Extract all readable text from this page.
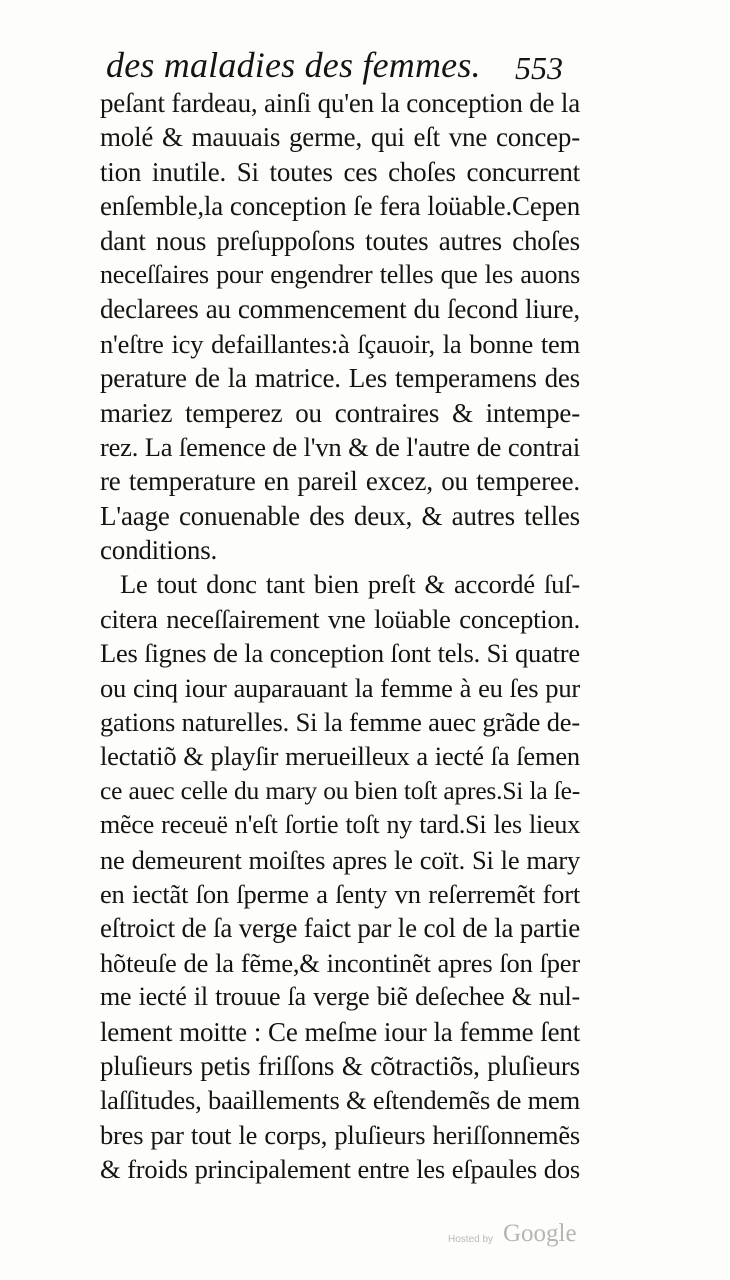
des maladies des femmes. 553
peſant fardeau, ainſi qu'en la conception de la
molé & mauuais germe, qui eſt vne concep-
tion inutile. Si toutes ces choſes concurrent
enſemble,la conception ſe fera loüable.Cepen
dant nous preſuppoſons toutes autres choſes
neceſſaires pour engendrer telles que les auons
declarees au commencement du ſecond liure,
n'eſtre icy defaillantes:à ſçauoir, la bonne tem
perature de la matrice. Les temperamens des
mariez temperez ou contraires & intempe-
rez. La ſemence de l'vn & de l'autre de contrai
re temperature en pareil excez, ou temperee.
L'aage conuenable des deux, & autres telles
conditions.
Le tout donc tant bien preſt & accordé ſuſ-
citera neceſſairement vne loüable conception.
Les ſignes de la conception ſont tels. Si quatre
ou cinq iour auparauant la femme à eu ſes pur
gations naturelles. Si la femme auec grãde de-
lectatiõ & playſir merueilleux a iecté ſa ſemen
ce auec celle du mary ou bien toſt apres.Si la ſe-
mẽce receuë n'eſt ſortie toſt ny tard.Si les lieux
ne demeurent moiſtes apres le coït. Si le mary
en iectãt ſon ſperme a ſenty vn reſerremẽt fort
eſtroict de ſa verge faict par le col de la partie
hõteuſe de la fẽme,& incontinẽt apres ſon ſper
me iecté il trouue ſa verge biẽ deſechee & nul-
lement moitte : Ce meſme iour la femme ſent
pluſieurs petis friſſons & cõtractiõs, pluſieurs
laſſitudes, baaillements & eſtendemẽs de mem
bres par tout le corps, pluſieurs heriſſonnemẽs
& froids principalement entre les eſpaules dos
Hosted by Google
